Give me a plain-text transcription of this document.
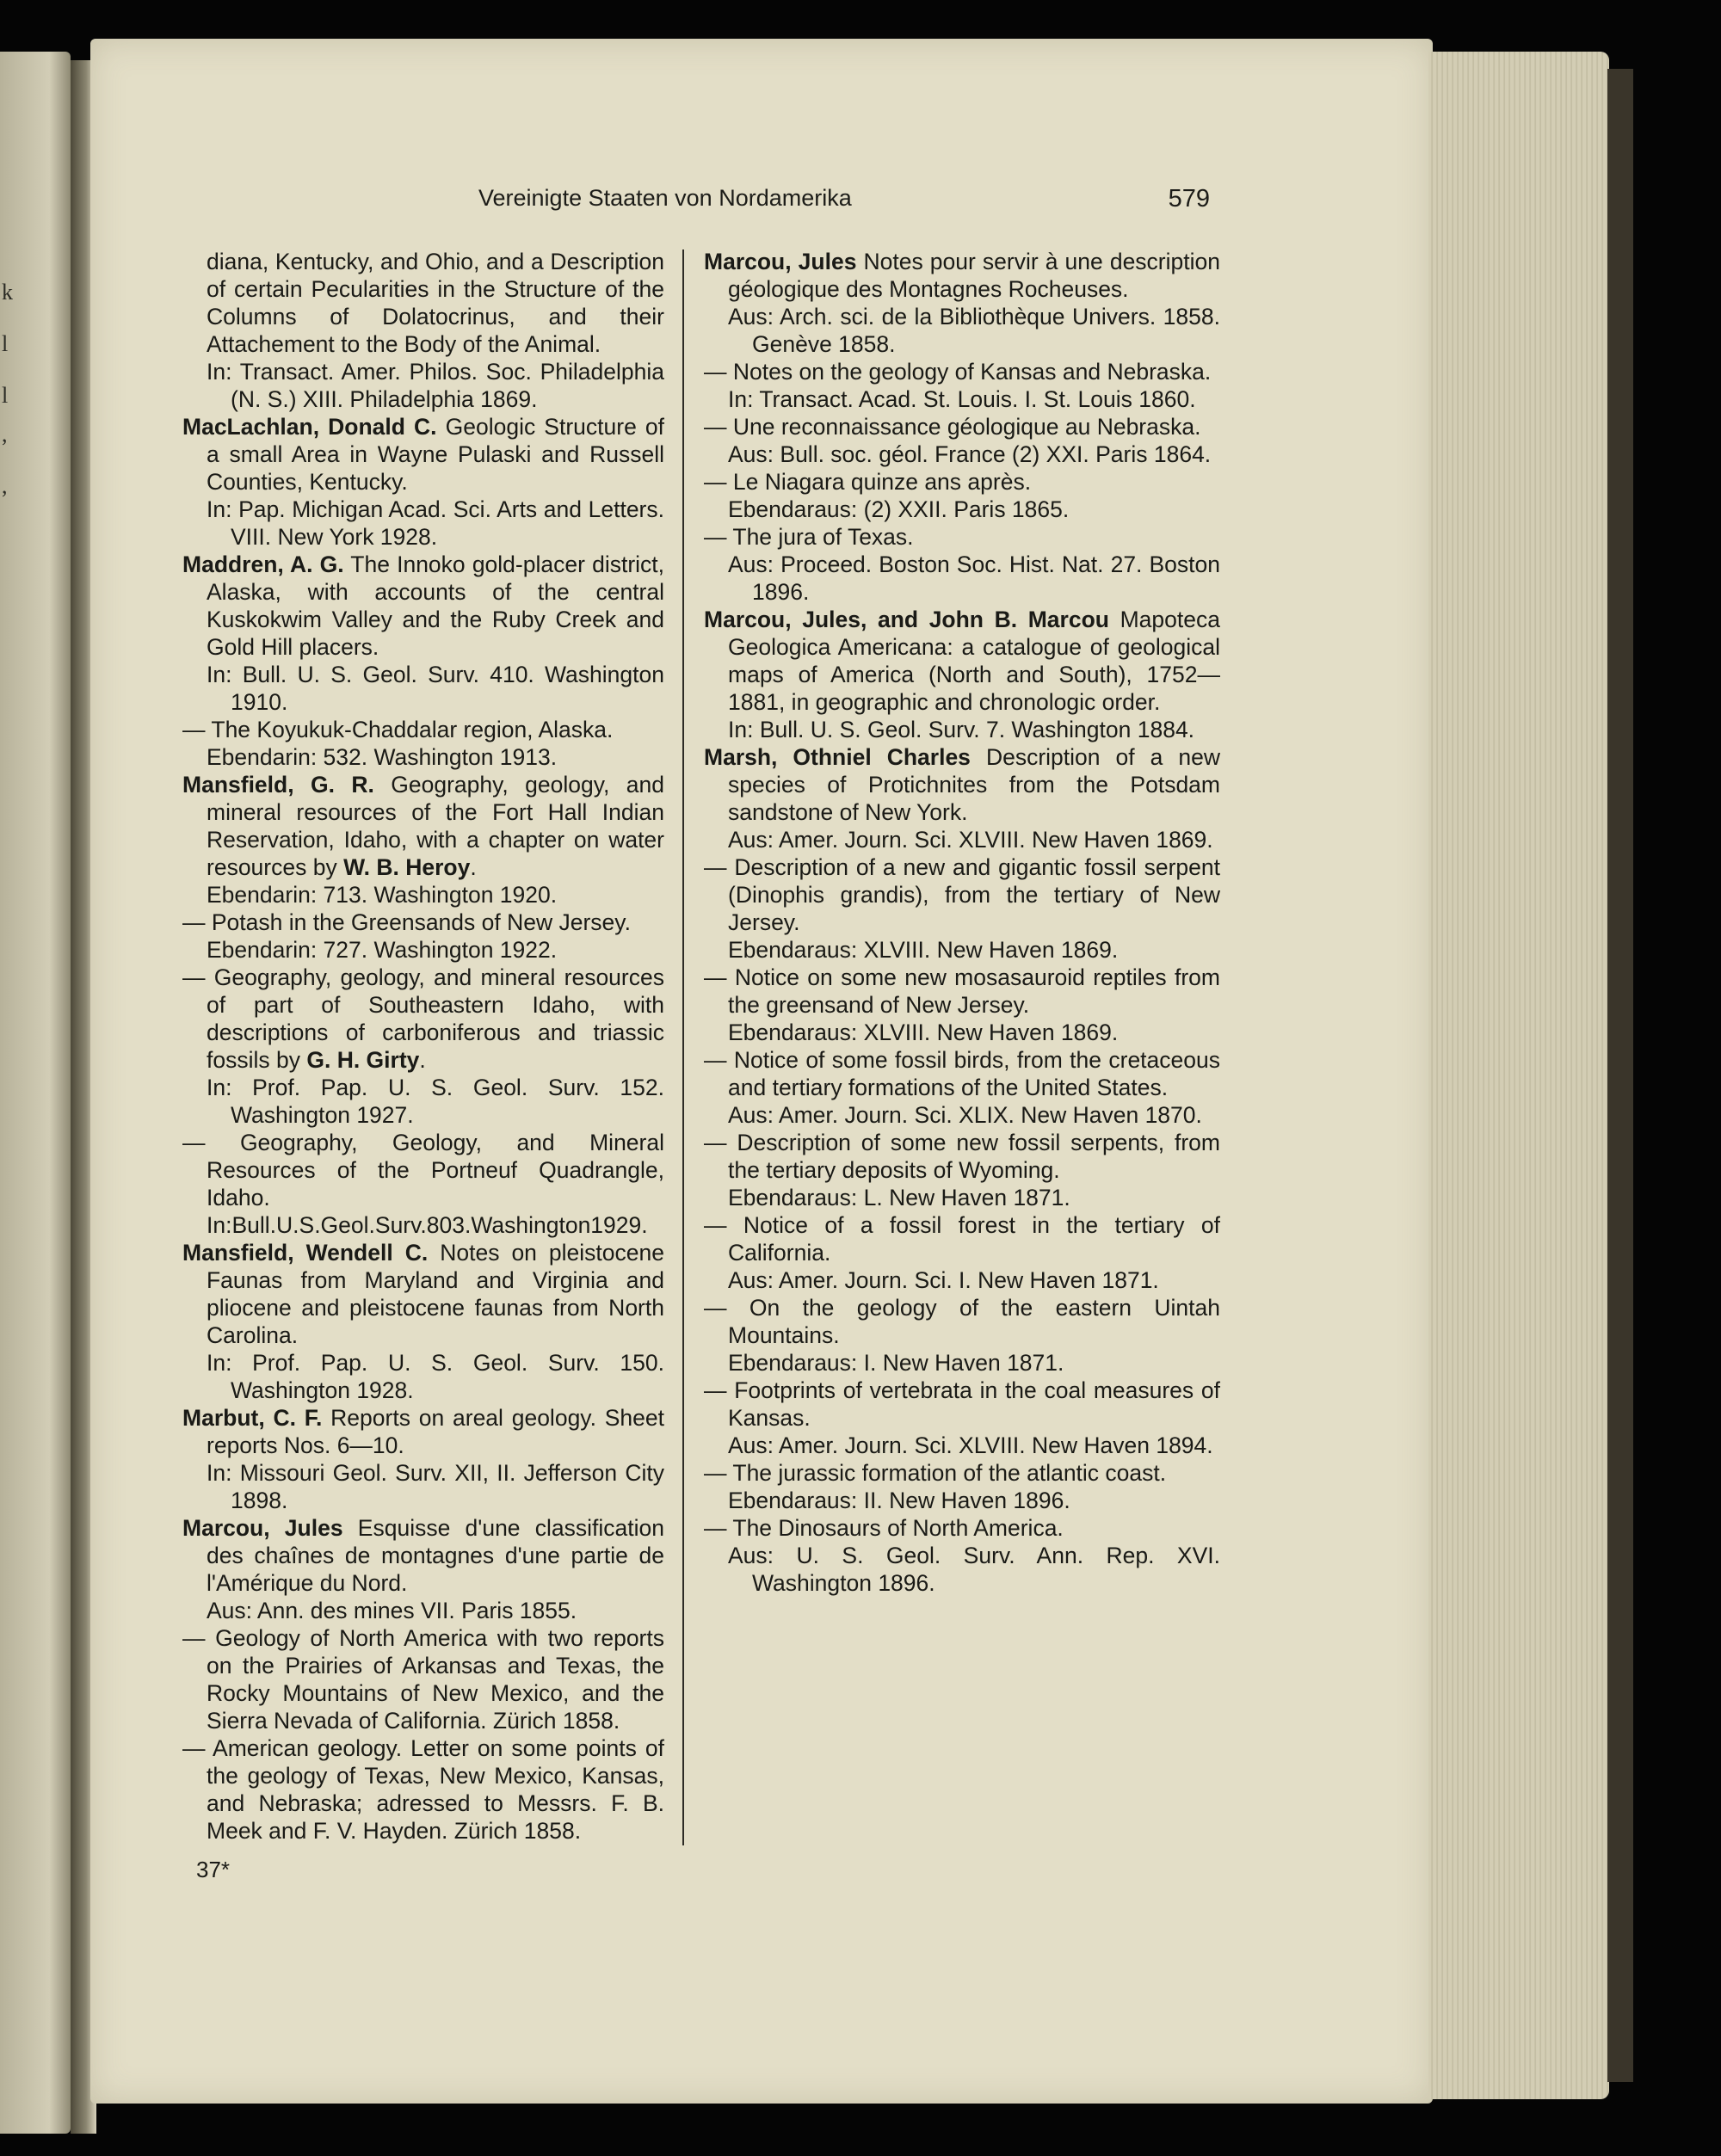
k
l
l
,
,
Vereinigte Staaten von Nordamerika	579

diana, Kentucky, and Ohio, and a Description of certain Pecularities in the Structure of the Columns of Dolatocrinus, and their Attachement to the Body of the Animal.

In: Transact. Amer. Philos. Soc. Philadelphia (N. S.) XIII. Philadelphia 1869.

MacLachlan, Donald C. Geologic Structure of a small Area in Wayne Pulaski and Russell Counties, Kentucky.

In: Pap. Michigan Acad. Sci. Arts and Letters. VIII. New York 1928.

Maddren, A. G. The Innoko gold-placer district, Alaska, with accounts of the central Kuskokwim Valley and the Ruby Creek and Gold Hill placers.

In: Bull. U. S. Geol. Surv. 410. Washington 1910.

— The Koyukuk-Chaddalar region, Alaska.

Ebendarin: 532. Washington 1913.

Mansfield, G. R. Geography, geology, and mineral resources of the Fort Hall Indian Reservation, Idaho, with a chapter on water resources by W. B. Heroy.

Ebendarin: 713. Washington 1920.

— Potash in the Greensands of New Jersey.

Ebendarin: 727. Washington 1922.

— Geography, geology, and mineral resources of part of Southeastern Idaho, with descriptions of carboniferous and triassic fossils by G. H. Girty.

In: Prof. Pap. U. S. Geol. Surv. 152. Washington 1927.

— Geography, Geology, and Mineral Resources of the Portneuf Quadrangle, Idaho.

In:Bull.U.S.Geol.Surv.803.Washington1929.

Mansfield, Wendell C. Notes on pleistocene Faunas from Maryland and Virginia and pliocene and pleistocene faunas from North Carolina.

In: Prof. Pap. U. S. Geol. Surv. 150. Washington 1928.

Marbut, C. F. Reports on areal geology. Sheet reports Nos. 6—10.

In: Missouri Geol. Surv. XII, II. Jefferson City 1898.

Marcou, Jules Esquisse d'une classification des chaînes de montagnes d'une partie de l'Amérique du Nord.

Aus: Ann. des mines VII. Paris 1855.

— Geology of North America with two reports on the Prairies of Arkansas and Texas, the Rocky Mountains of New Mexico, and the Sierra Nevada of California. Zürich 1858.

— American geology. Letter on some points of the geology of Texas, New Mexico, Kansas, and Nebraska; adressed to Messrs. F. B. Meek and F. V. Hayden. Zürich 1858.

Marcou, Jules Notes pour servir à une description géologique des Montagnes Rocheuses.

Aus: Arch. sci. de la Bibliothèque Univers. 1858. Genève 1858.

— Notes on the geology of Kansas and Nebraska.

In: Transact. Acad. St. Louis. I. St. Louis 1860.

— Une reconnaissance géologique au Nebraska.

Aus: Bull. soc. géol. France (2) XXI. Paris 1864.

— Le Niagara quinze ans après.

Ebendaraus: (2) XXII. Paris 1865.

— The jura of Texas.

Aus: Proceed. Boston Soc. Hist. Nat. 27. Boston 1896.

Marcou, Jules, and John B. Marcou Mapoteca Geologica Americana: a catalogue of geological maps of America (North and South), 1752—1881, in geographic and chronologic order.

In: Bull. U. S. Geol. Surv. 7. Washington 1884.

Marsh, Othniel Charles Description of a new species of Protichnites from the Potsdam sandstone of New York.

Aus: Amer. Journ. Sci. XLVIII. New Haven 1869.

— Description of a new and gigantic fossil serpent (Dinophis grandis), from the tertiary of New Jersey.

Ebendaraus: XLVIII. New Haven 1869.

— Notice on some new mosasauroid reptiles from the greensand of New Jersey.

Ebendaraus: XLVIII. New Haven 1869.

— Notice of some fossil birds, from the cretaceous and tertiary formations of the United States.

Aus: Amer. Journ. Sci. XLIX. New Haven 1870.

— Description of some new fossil serpents, from the tertiary deposits of Wyoming.

Ebendaraus: L. New Haven 1871.

— Notice of a fossil forest in the tertiary of California.

Aus: Amer. Journ. Sci. I. New Haven 1871.

— On the geology of the eastern Uintah Mountains.

Ebendaraus: I. New Haven 1871.

— Footprints of vertebrata in the coal measures of Kansas.

Aus: Amer. Journ. Sci. XLVIII. New Haven 1894.

— The jurassic formation of the atlantic coast.

Ebendaraus: II. New Haven 1896.

— The Dinosaurs of North America.

Aus: U. S. Geol. Surv. Ann. Rep. XVI. Washington 1896.

37*
